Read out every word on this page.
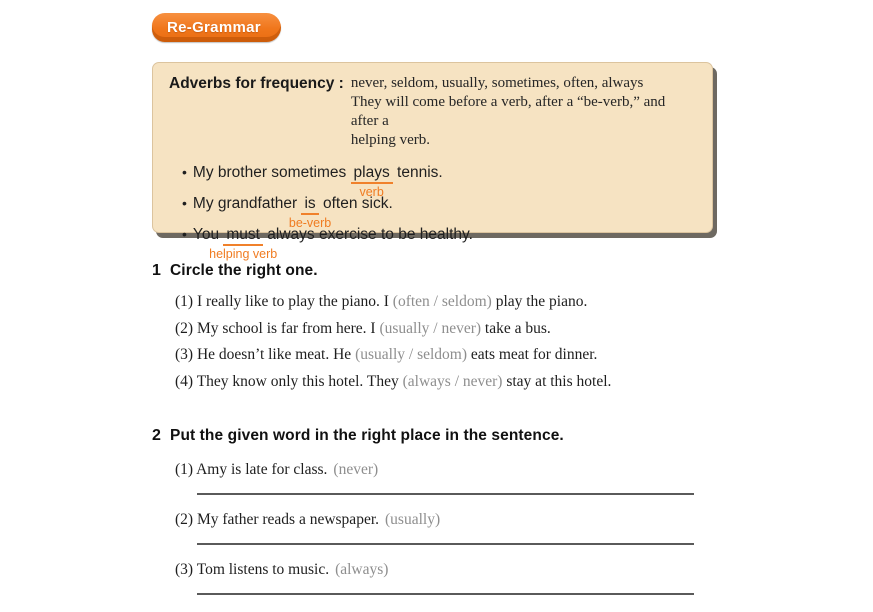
Re-Grammar
Adverbs for frequency : never, seldom, usually, sometimes, often, always
They will come before a verb, after a “be-verb,” and after a
helping verb.
• My brother sometimes plays
verb
tennis.
• My grandfather is
be-verb
often sick.
• You must
helping verb
always exercise to be healthy.
1 Circle the right one.
(1) I really like to play the piano. I (often / seldom) play the piano.
(2) My school is far from here. I (usually / never) take a bus.
(3) He doesn’t like meat. He (usually / seldom) eats meat for dinner.
(4) They know only this hotel. They (always / never) stay at this hotel.
2 Put the given word in the right place in the sentence.
(1) Amy is late for class. (never)
(2) My father reads a newspaper. (usually)
(3) Tom listens to music. (always)
